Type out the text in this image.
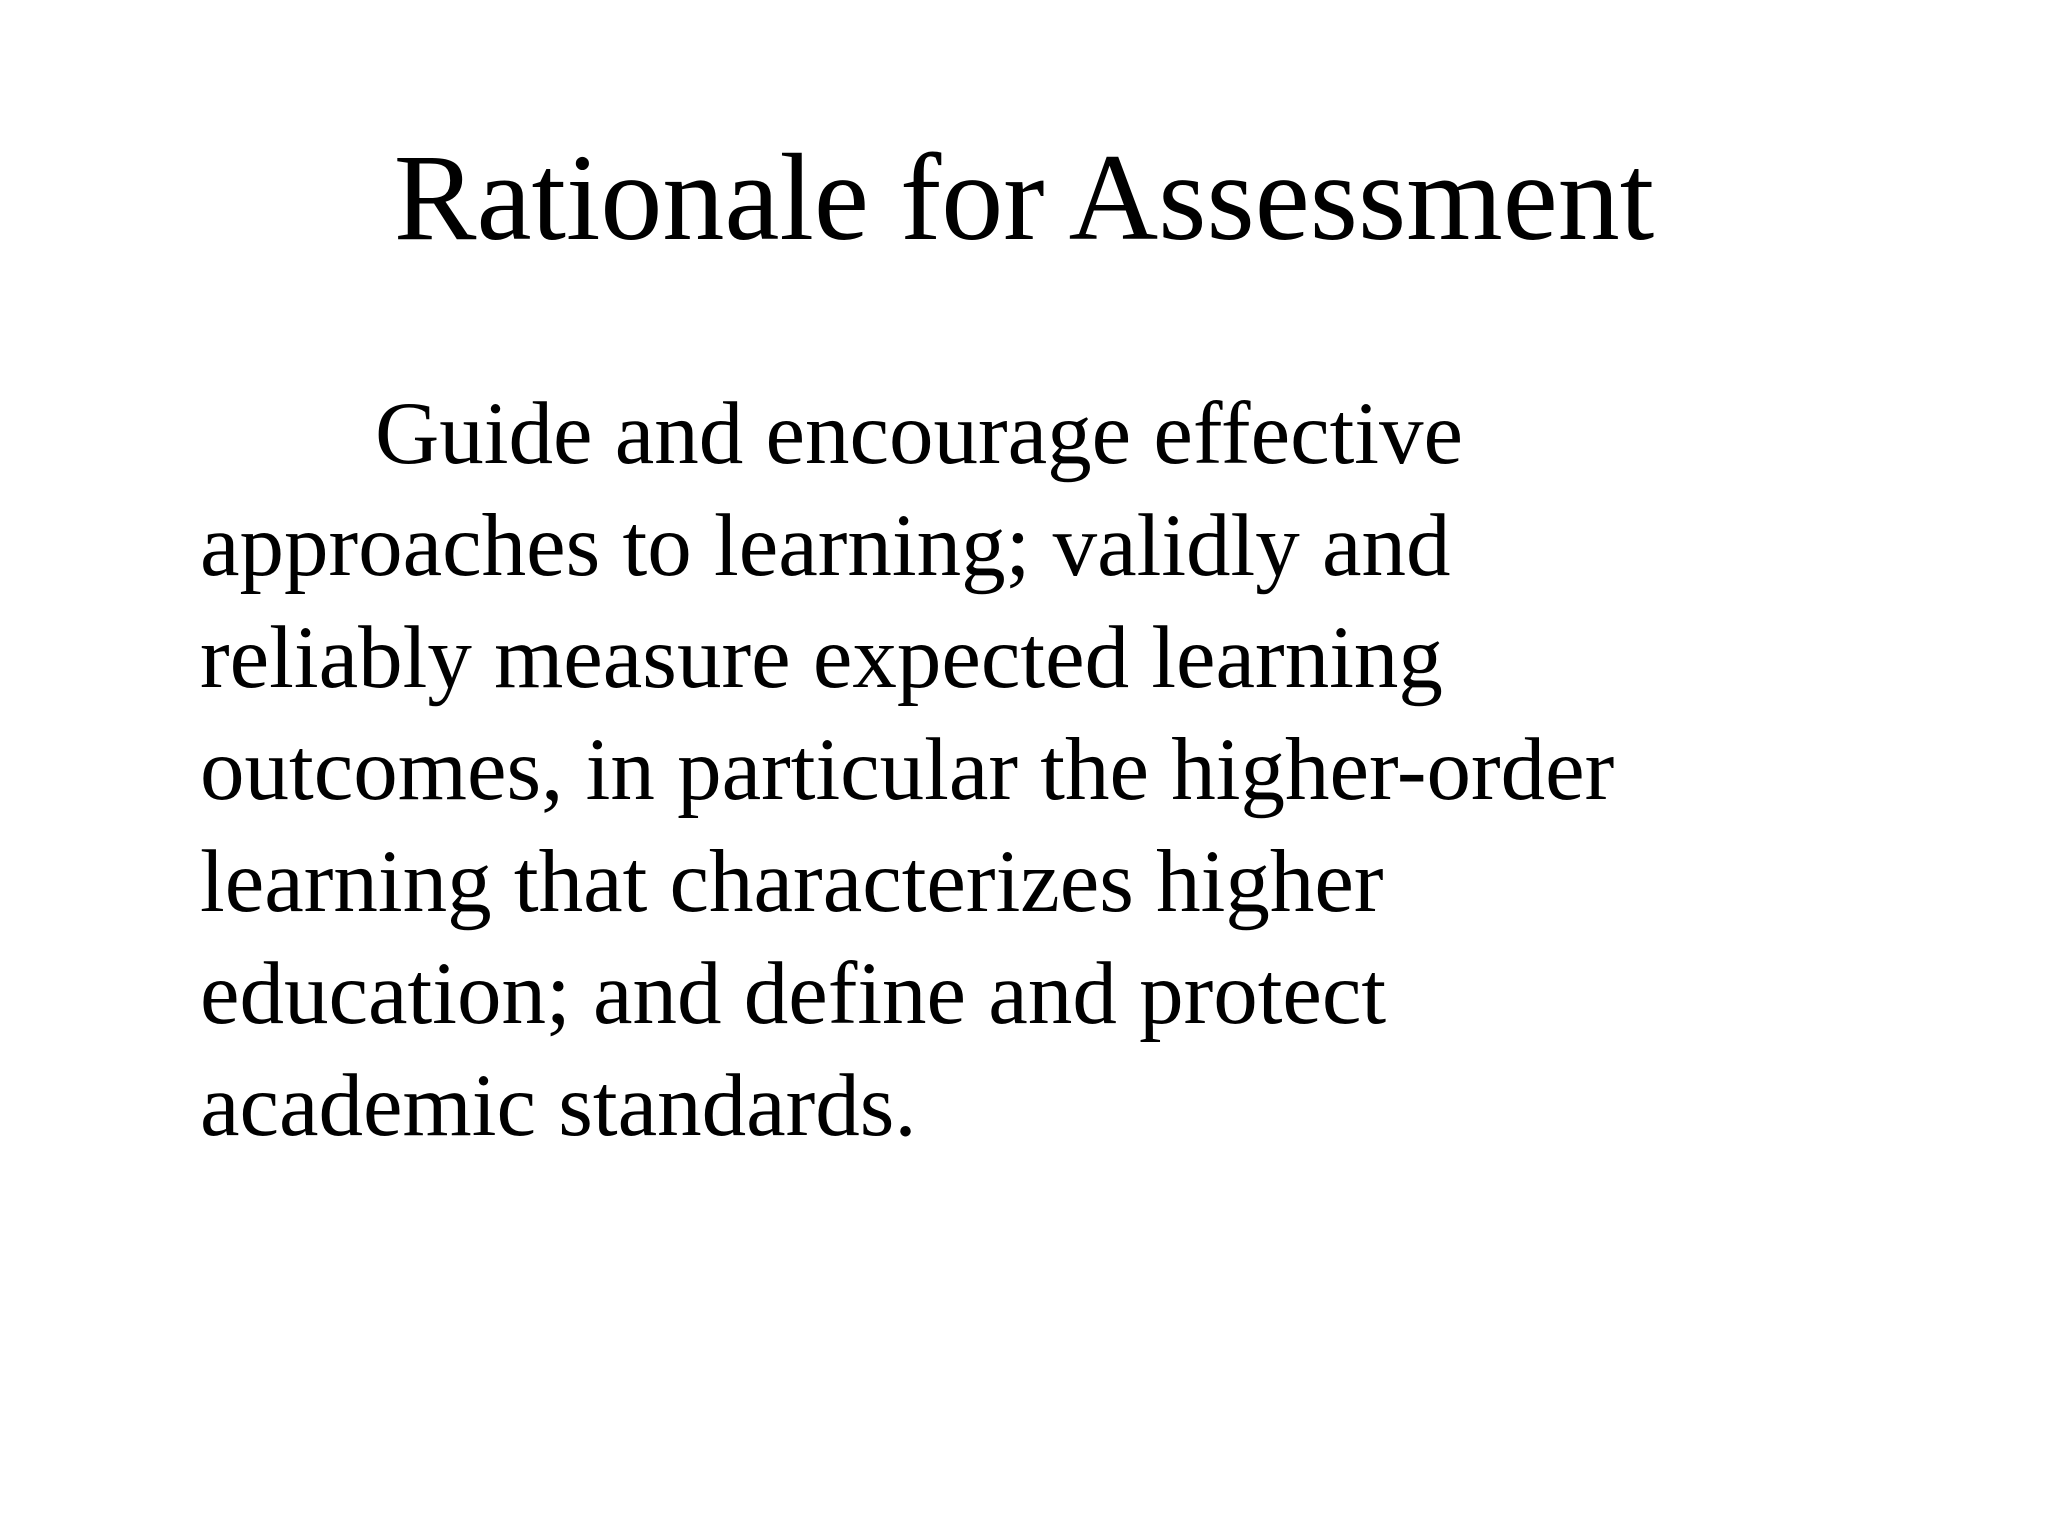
Rationale for Assessment

Guide and encourage effective
approaches to learning; validly and
reliably measure expected learning
outcomes, in particular the higher-order
learning that characterizes higher
education; and define and protect
academic standards.
